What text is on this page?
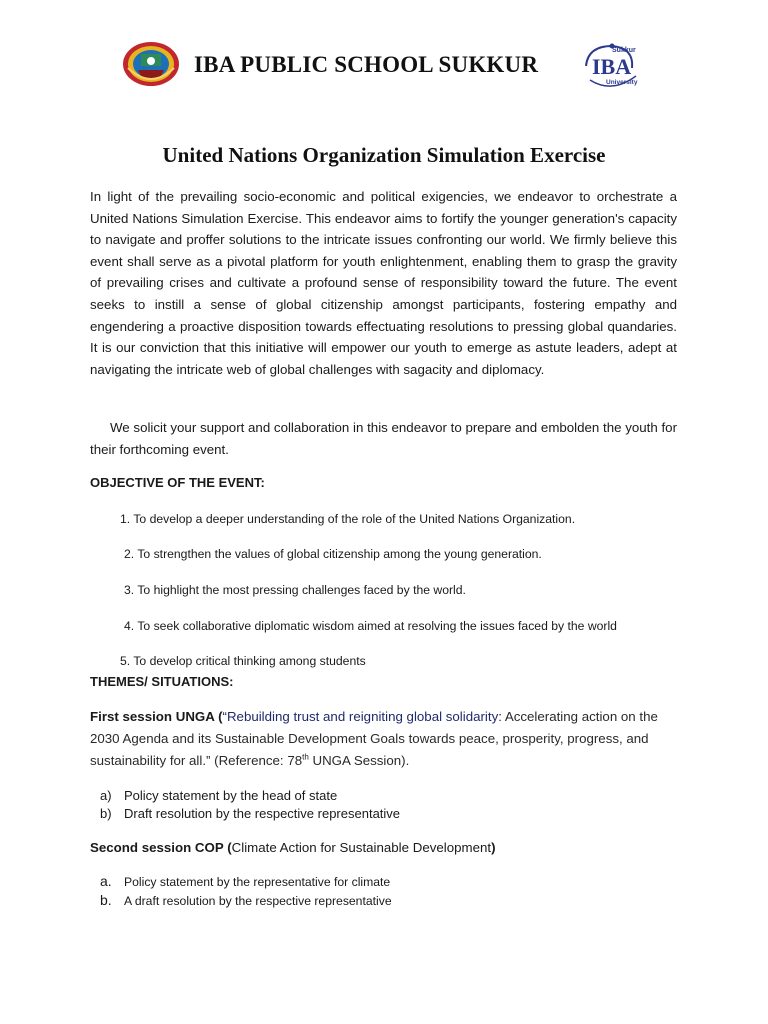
IBA PUBLIC SCHOOL SUKKUR
Sukkur
IBA
University
United Nations Organization Simulation Exercise

In light of the prevailing socio-economic and political exigencies, we endeavor to orchestrate a United Nations Simulation Exercise. This endeavor aims to fortify the younger generation's capacity to navigate and proffer solutions to the intricate issues confronting our world. We firmly believe this event shall serve as a pivotal platform for youth enlightenment, enabling them to grasp the gravity of prevailing crises and cultivate a profound sense of responsibility toward the future. The event seeks to instill a sense of global citizenship amongst participants, fostering empathy and engendering a proactive disposition towards effectuating resolutions to pressing global quandaries. It is our conviction that this initiative will empower our youth to emerge as astute leaders, adept at navigating the intricate web of global challenges with sagacity and diplomacy.

We solicit your support and collaboration in this endeavor to prepare and embolden the youth for their forthcoming event.

OBJECTIVE OF THE EVENT:
1. To develop a deeper understanding of the role of the United Nations Organization.
2. To strengthen the values of global citizenship among the young generation.
3. To highlight the most pressing challenges faced by the world.
4. To seek collaborative diplomatic wisdom aimed at resolving the issues faced by the world
5. To develop critical thinking among students
THEMES/ SITUATIONS:

First session UNGA (“Rebuilding trust and reigniting global solidarity: Accelerating action on the 2030 Agenda and its Sustainable Development Goals towards peace, prosperity, progress, and sustainability for all.” (Reference: 78th UNGA Session).

a) Policy statement by the head of state
b) Draft resolution by the respective representative
Second session COP (Climate Action for Sustainable Development)
a. Policy statement by the representative for climate
b. A draft resolution by the respective representative
